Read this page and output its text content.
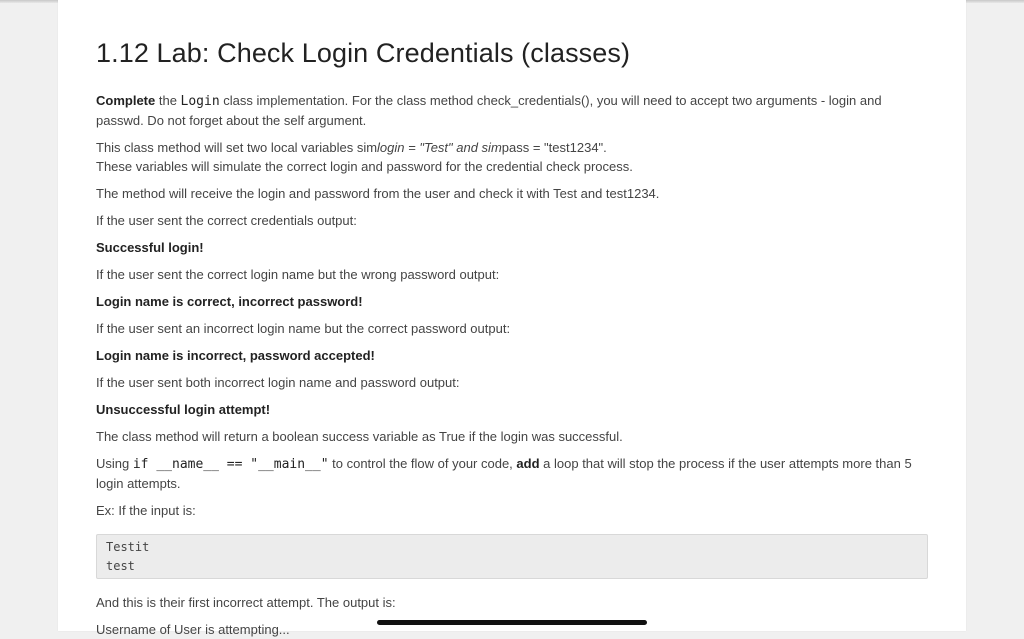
1.12 Lab: Check Login Credentials (classes)

Complete the Login class implementation. For the class method check_credentials(), you will need to accept two arguments - login and passwd. Do not forget about the self argument.

This class method will set two local variables simlogin = "Test" and simpass = "test1234".
These variables will simulate the correct login and password for the credential check process.

The method will receive the login and password from the user and check it with Test and test1234.

If the user sent the correct credentials output:

Successful login!

If the user sent the correct login name but the wrong password output:

Login name is correct, incorrect password!

If the user sent an incorrect login name but the correct password output:

Login name is incorrect, password accepted!

If the user sent both incorrect login name and password output:

Unsuccessful login attempt!

The class method will return a boolean success variable as True if the login was successful.

Using if __name__ == "__main__" to control the flow of your code, add a loop that will stop the process if the user attempts more than 5 login attempts.

Ex: If the input is:

Testit
test

And this is their first incorrect attempt. The output is:

Username of User is attempting...
